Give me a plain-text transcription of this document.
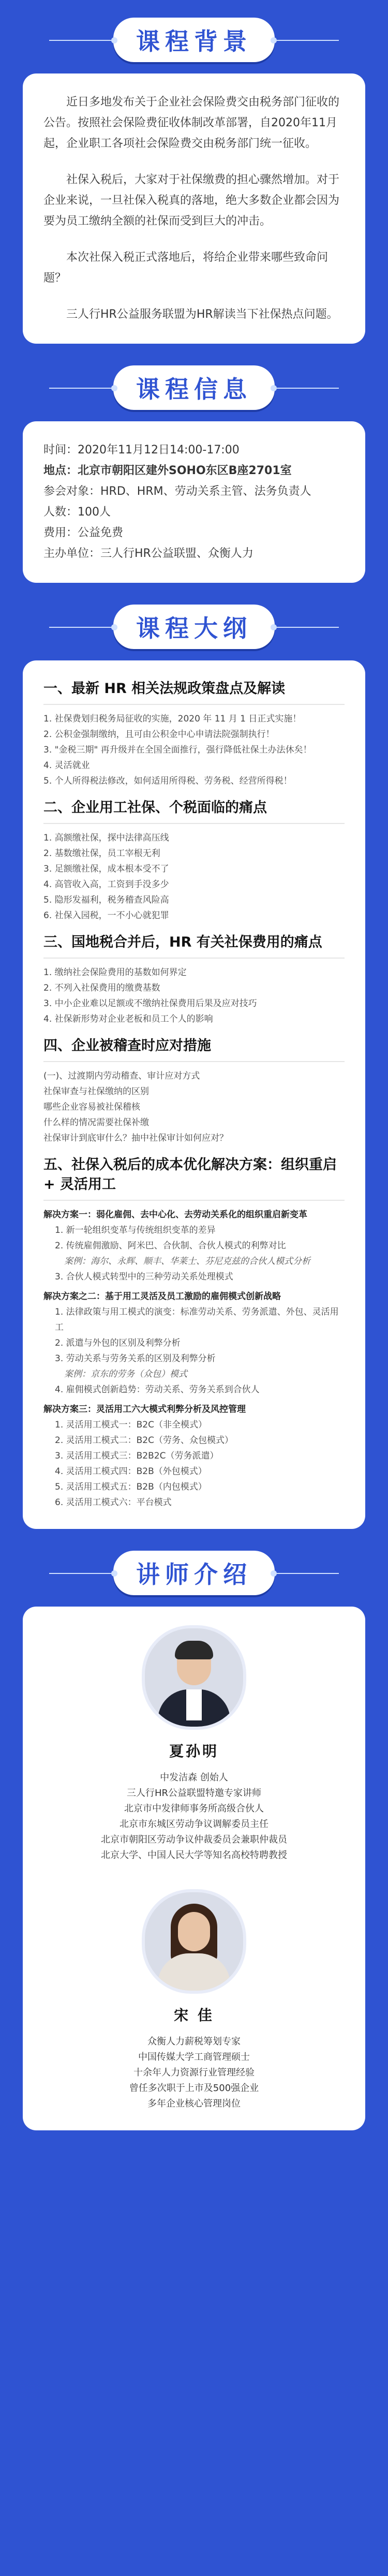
课程背景

近日多地发布关于企业社会保险费交由税务部门征收的公告。按照社会保险费征收体制改革部署，自2020年11月起，企业职工各项社会保险费交由税务部门统一征收。

社保入税后，大家对于社保缴费的担心骤然增加。对于企业来说，一旦社保入税真的落地，绝大多数企业都会因为要为员工缴纳全额的社保而受到巨大的冲击。

本次社保入税正式落地后，将给企业带来哪些致命问题？

三人行HR公益服务联盟为HR解读当下社保热点问题。

课程信息
时间：2020年11月12日14:00-17:00
地点：北京市朝阳区建外SOHO东区B座2701室
参会对象：HRD、HRM、劳动关系主管、法务负责人
人数：100人
费用：公益免费
主办单位：三人行HR公益联盟、众衡人力
课程大纲
一、最新 HR 相关法规政策盘点及解读
1. 社保费划归税务局征收的实施，2020 年 11 月 1 日正式实施！
2. 公积金强制缴纳，且可由公积金中心申请法院强制执行！
3. "金税三期" 再升级并在全国全面推行，强行降低社保土办法休矣！
4. 灵活就业
5. 个人所得税法修改，如何适用所得税、劳务税、经营所得税！
二、企业用工社保、个税面临的痛点
1. 高额缴社保，探中法律高压线
2. 基数缴社保，员工宰根无利
3. 足额缴社保，成本根本受不了
4. 高管收入高，工资到手没多少
5. 隐形发福利，税务稽查风险高
6. 社保入园税，一不小心就犯罪
三、国地税合并后，HR 有关社保费用的痛点
1. 缴纳社会保险费用的基数如何界定
2. 不列入社保费用的缴费基数
3. 中小企业难以足额或不缴纳社保费用后果及应对技巧
4. 社保新形势对企业老板和员工个人的影响
四、企业被稽查时应对措施
(一)、过渡期内劳动稽查、审计应对方式
社保审查与社保缴纳的区别
哪些企业容易被社保稽核
什么样的情况需要社保补缴
社保审计到底审什么？抽中社保审计如何应对？
五、社保入税后的成本优化解决方案：组织重启 + 灵活用工
解决方案一：弱化雇佣、去中心化、去劳动关系化的组织重启新变革
1. 新一轮组织变革与传统组织变革的差异
2. 传统雇佣激励、阿米巴、合伙制、合伙人模式的利弊对比
案例：海尔、永辉、顺丰、华莱士、芬尼克兹的合伙人模式分析
3. 合伙人模式转型中的三种劳动关系处理模式
解决方案之二：基于用工灵活及员工激励的雇佣模式创新战略
1. 法律政策与用工模式的演变：标准劳动关系、劳务派遣、外包、灵活用工
2. 派遣与外包的区别及利弊分析
3. 劳动关系与劳务关系的区别及利弊分析
案例：京东的劳务（众包）模式
4. 雇佣模式创新趋势：劳动关系、劳务关系到合伙人
解决方案三：灵活用工六大模式利弊分析及风控管理
1. 灵活用工模式一：B2C（非全模式）
2. 灵活用工模式二：B2C（劳务、众包模式）
3. 灵活用工模式三：B2B2C（劳务派遣）
4. 灵活用工模式四：B2B（外包模式）
5. 灵活用工模式五：B2B（内包模式）
6. 灵活用工模式六：平台模式
讲师介绍
夏孙明
中发洁森 创始人
三人行HR公益联盟特邀专家讲师
北京市中发律师事务所高级合伙人
北京市东城区劳动争议调解委员主任
北京市朝阳区劳动争议仲裁委员会兼职仲裁员
北京大学、中国人民大学等知名高校特聘教授
宋 佳
众衡人力薪税筹划专家
中国传媒大学工商管理硕士
十余年人力资源行业管理经验
曾任多次职于上市及500强企业
多年企业核心管理岗位
